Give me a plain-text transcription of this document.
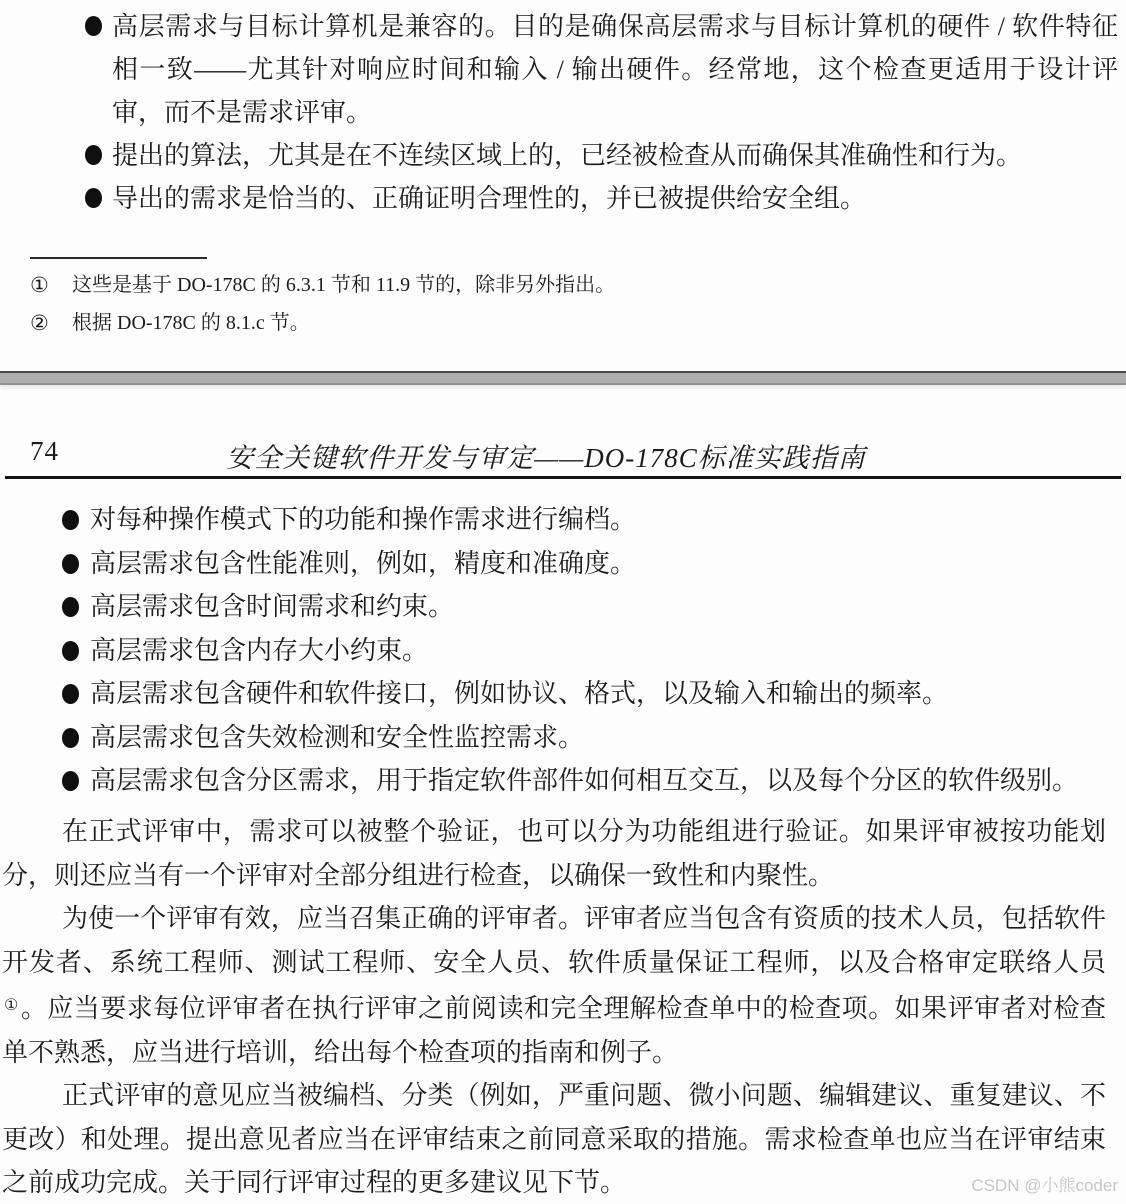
高层需求与目标计算机是兼容的。目的是确保高层需求与目标计算机的硬件 / 软件特征相一致——尤其针对响应时间和输入 / 输出硬件。经常地，这个检查更适用于设计评审，而不是需求评审。
提出的算法，尤其是在不连续区域上的，已经被检查从而确保其准确性和行为。
导出的需求是恰当的、正确证明合理性的，并已被提供给安全组。
① 这些是基于 DO-178C 的 6.3.1 节和 11.9 节的，除非另外指出。
② 根据 DO-178C 的 8.1.c 节。
74	安全关键软件开发与审定——DO-178C标准实践指南
对每种操作模式下的功能和操作需求进行编档。
高层需求包含性能准则，例如，精度和准确度。
高层需求包含时间需求和约束。
高层需求包含内存大小约束。
高层需求包含硬件和软件接口，例如协议、格式，以及输入和输出的频率。
高层需求包含失效检测和安全性监控需求。
高层需求包含分区需求，用于指定软件部件如何相互交互，以及每个分区的软件级别。

在正式评审中，需求可以被整个验证，也可以分为功能组进行验证。如果评审被按功能划分，则还应当有一个评审对全部分组进行检查，以确保一致性和内聚性。

为使一个评审有效，应当召集正确的评审者。评审者应当包含有资质的技术人员，包括软件开发者、系统工程师、测试工程师、安全人员、软件质量保证工程师，以及合格审定联络人员①。应当要求每位评审者在执行评审之前阅读和完全理解检查单中的检查项。如果评审者对检查单不熟悉，应当进行培训，给出每个检查项的指南和例子。

正式评审的意见应当被编档、分类（例如，严重问题、微小问题、编辑建议、重复建议、不更改）和处理。提出意见者应当在评审结束之前同意采取的措施。需求检查单也应当在评审结束之前成功完成。关于同行评审过程的更多建议见下节。	CSDN @小熊coder
